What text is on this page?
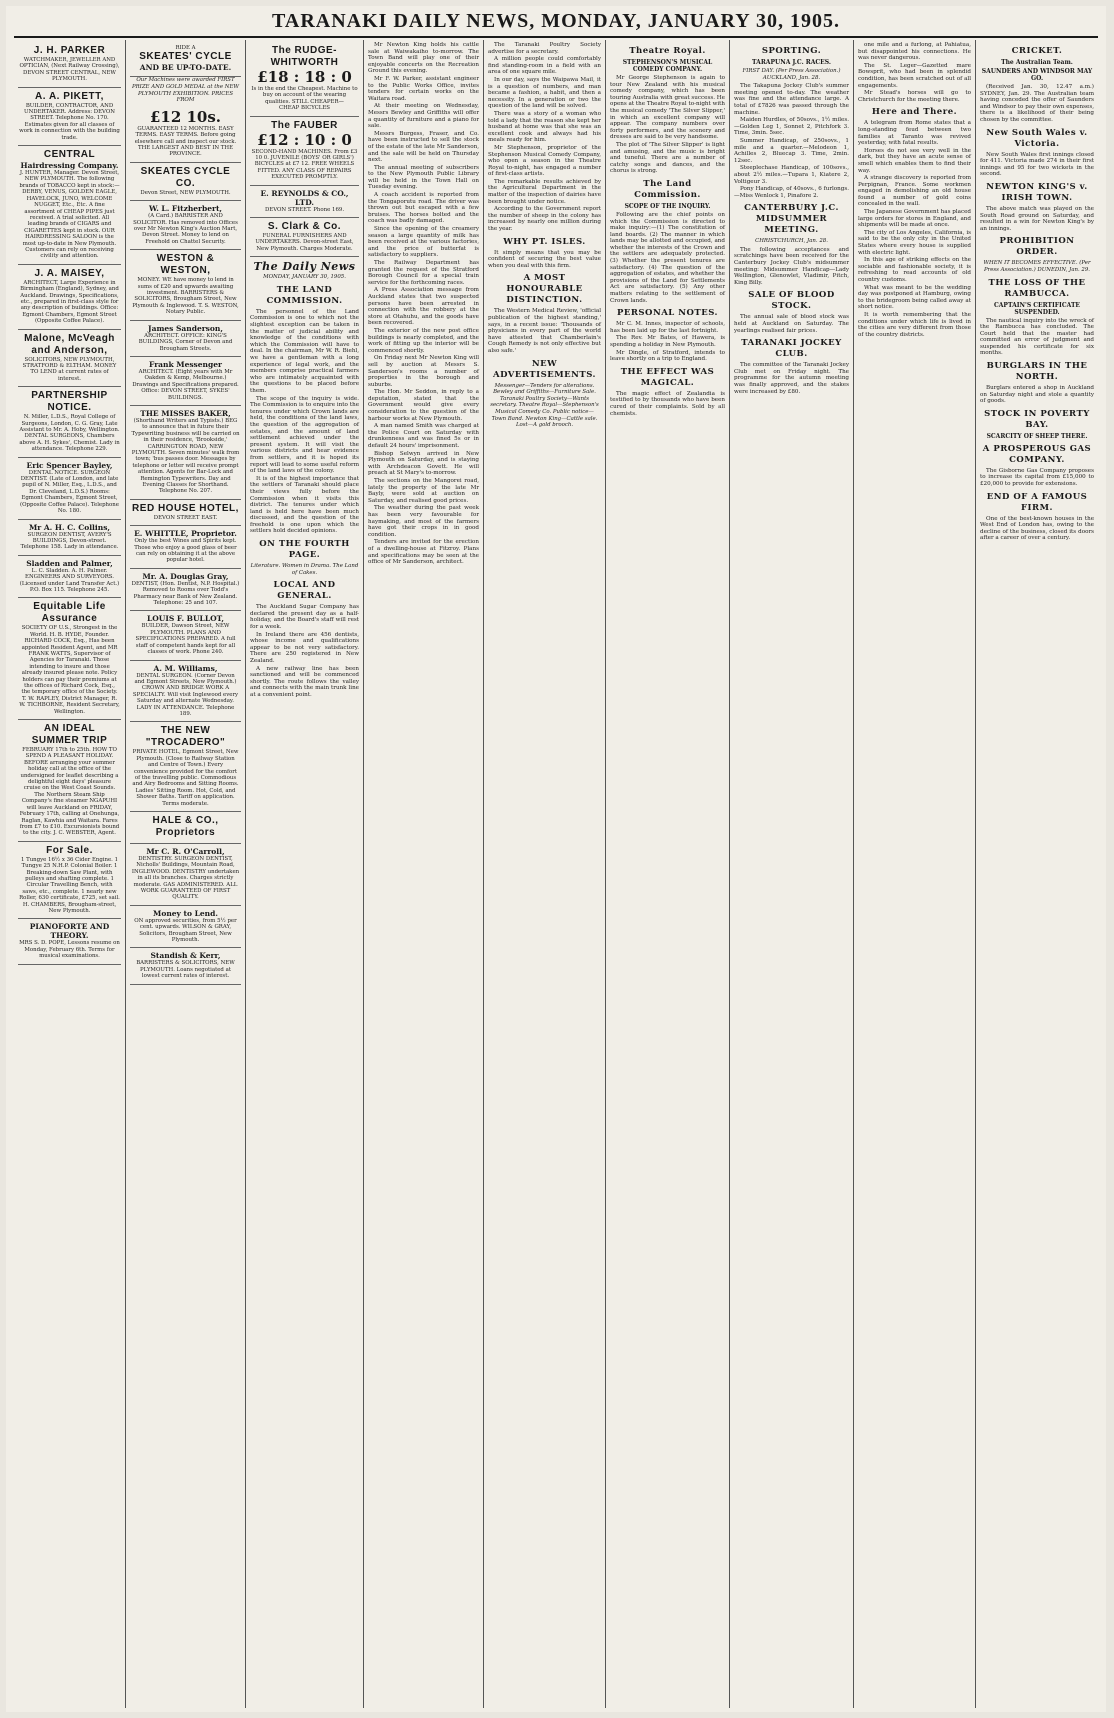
TARANAKI DAILY NEWS, MONDAY, JANUARY 30, 1905.
J. H. PARKER
WATCHMAKER, JEWELLER AND OPTICIAN, (Next Railway Crossing), DEVON STREET CENTRAL, NEW PLYMOUTH.
A. A. PIKETT,
BUILDER, CONTRACTOR, AND UNDERTAKER. Address: DEVON STREET. Telephone No. 170. Estimates given for all classes of work in connection with the building trade.
CENTRAL
Hairdressing Company.
J. HUNTER, Manager. Devon Street, NEW PLYMOUTH. The following brands of TOBACCO kept in stock:— DERBY, VENUS, GOLDEN EAGLE, HAVELOCK, JUNO, WELCOME NUGGET, Etc., Etc. A fine assortment of CHEAP PIPES just received. A trial solicited. All leading brands of CIGARS and CIGARETTES kept in stock. OUR HAIRDRESSING SALOON is the most up-to-date in New Plymouth. Customers can rely on receiving civility and attention.
J. A. MAISEY,
ARCHITECT, Large Experience in Birmingham (England), Sydney, and Auckland. Drawings, Specifications, etc., prepared in first-class style for any description of buildings. Office: Egmont Chambers, Egmont Street (Opposite Coffee Palace).
Malone, McVeagh and Anderson,
SOLICITORS, NEW PLYMOUTH, STRATFORD & ELTHAM. MONEY TO LEND at current rates of interest.
PARTNERSHIP NOTICE.
N. Miller, L.D.S., Royal College of Surgeons, London, C. G. Gray, Late Assistant to Mr. A. Hoby, Wellington. DENTAL SURGEONS, Chambers above A. H. Sykes', Chemist. Lady in attendance. Telephone 229.
Eric Spencer Bayley,
DENTAL NOTICE. SURGEON DENTIST. (Late of London, and late pupil of N. Miller, Esq., L.D.S., and Dr. Cleveland, L.D.S.) Rooms: Egmont Chambers, Egmont Street, (Opposite Coffee Palace). Telephone No. 180.
Mr A. H. C. Collins,
SURGEON DENTIST, AVERY'S BUILDINGS, Devon-street. Telephone 158. Lady in attendance.
Sladden and Palmer,
L. C. Sladden. A. H. Palmer. ENGINEERS AND SURVEYORS. (Licensed under Land Transfer Act.) P.O. Box 115. Telephone 245.
Equitable Life Assurance
SOCIETY OF U.S., Strongest in the World. H. B. HYDE, Founder. RICHARD COCK, Esq., Has been appointed Resident Agent, and MR FRANK WATTS, Supervisor of Agencies for Taranaki. Those intending to insure and those already insured please note. Policy holders can pay their premiums at the offices of Richard Cock, Esq., the temporary office of the Society. T. W. RAPLEY, District Manager, R. W. TICHBORNE, Resident Secretary, Wellington.
AN IDEAL SUMMER TRIP
FEBRUARY 17th to 25th. HOW TO SPEND A PLEASANT HOLIDAY. BEFORE arranging your summer holiday call at the office of the undersigned for leaflet describing a delightful eight days' pleasure cruise on the West Coast Sounds. The Northern Steam Ship Company's fine steamer NGAPUHI will leave Auckland on FRIDAY, February 17th, calling at Onehunga, Raglan, Kawhia and Waitara. Fares from £7 to £10. Excursionists bound to the city. J. C. WEBSTER, Agent.
For Sale.
1 Tungye 16½ x 36 Cider Engine. 1 Tungye 25 N.H.P. Colonial Boiler. 1 Breaking-down Saw Plant, with pulleys and shafting complete. 1 Circular Travelling Bench, with saws, etc., complete. 1 nearly new Roller, 630 certificate, £725, set sail. H. CHAMBERS, Brougham-street, New Plymouth.
PIANOFORTE AND THEORY.
MRS S. D. POPE, Lessons resume on Monday, February 6th. Terms for musical examinations.
RIDE A
SKEATES' CYCLE
AND BE UP-TO-DATE.
Our Machines were awarded FIRST PRIZE AND GOLD MEDAL at the NEW PLYMOUTH EXHIBITION. PRICES FROM
£12 10s.
GUARANTEED 12 MONTHS. EASY TERMS. EASY TERMS. Before going elsewhere call and inspect our stock. THE LARGEST AND BEST IN THE PROVINCE.
SKEATES CYCLE CO.
Devon Street, NEW PLYMOUTH.
W. L. Fitzherbert,
(A Card.) BARRISTER AND SOLICITOR. Has removed into Offices over Mr Newton King's Auction Mart, Devon Street. Money to lend on Freehold on Chattel Security.
WESTON & WESTON,
MONEY. WE have money to lend in sums of £20 and upwards awaiting investment. BARRISTERS & SOLICITORS, Brougham Street, New Plymouth & Inglewood. T. S. WESTON, Notary Public.
James Sanderson,
ARCHITECT. OFFICE: KING'S BUILDINGS, Corner of Devon and Brougham Streets.
Frank Messenger
ARCHITECT. (Eight years with Mr Oakden & Kemp, Melbourne.) Drawings and Specifications prepared. Office: DEVON STREET, SYKES' BUILDINGS.
THE MISSES BAKER,
(Shorthand Writers and Typists.) BEG to announce that in future their Typewriting business will be carried on in their residence, 'Brookside,' CARRINGTON ROAD, NEW PLYMOUTH. Seven minutes' walk from town; 'bus passes door. Messages by telephone or letter will receive prompt attention. Agents for Bar-Lock and Remington Typewriters. Day and Evening Classes for Shorthand. Telephone No. 207.
RED HOUSE HOTEL,
DEVON STREET EAST.
E. WHITTLE, Proprietor.
Only the best Wines and Spirits kept. Those who enjoy a good glass of beer can rely on obtaining it at the above popular hotel.
Mr. A. Douglas Gray,
DENTIST, (Hon. Dentist, N.P. Hospital.) Removed to Rooms over Todd's Pharmacy near Bank of New Zealand. Telephone: 25 and 107.
LOUIS F. BULLOT,
BUILDER, Dawson Street, NEW PLYMOUTH. PLANS AND SPECIFICATIONS PREPARED. A full staff of competent hands kept for all classes of work. Phone 240.
A. M. Williams,
DENTAL SURGEON. (Corner Devon and Egmont Streets, New Plymouth.) CROWN AND BRIDGE WORK A SPECIALTY. Will visit Inglewood every Saturday and alternate Wednesday. LADY IN ATTENDANCE. Telephone 189.
THE NEW "TROCADERO"
PRIVATE HOTEL, Egmont Street, New Plymouth. (Close to Railway Station and Centre of Town.) Every convenience provided for the comfort of the travelling public. Commodious and Airy Bedrooms and Sitting Rooms. Ladies' Sitting Room. Hot, Cold, and Shower Baths. Tariff on application. Terms moderate.
HALE & CO., Proprietors
Mr C. R. O'Carroll,
DENTISTRY. SURGEON DENTIST, Nicholls' Buildings, Mountain Road, INGLEWOOD. DENTISTRY undertaken in all its branches. Charges strictly moderate. GAS ADMINISTERED. ALL WORK GUARANTEED OF FIRST QUALITY.
Money to Lend.
ON approved securities, from 5½ per cent. upwards. WILSON & GRAY, Solicitors, Brougham Street, New Plymouth.
Standish & Kerr,
BARRISTERS & SOLICITORS, NEW PLYMOUTH. Loans negotiated at lowest current rates of interest.
The RUDGE-WHITWORTH
£18 : 18 : 0
Is in the end the Cheapest. Machine to buy on account of the wearing qualities. STILL CHEAPER—
CHEAP BICYCLES
The FAUBER
£12 : 10 : 0
SECOND-HAND MACHINES. From £3 10 0. JUVENILE (BOYS' OR GIRLS') BICYCLES at £7 12. FREE WHEELS FITTED. ANY CLASS OF REPAIRS EXECUTED PROMPTLY.
E. REYNOLDS & CO., LTD.
DEVON STREET. Phone 169.
S. Clark & Co.
FUNERAL FURNISHERS AND UNDERTAKERS. Devon-street East, New Plymouth. Charges Moderate.
The Daily News
MONDAY, JANUARY 30, 1905.
THE LAND COMMISSION.

The personnel of the Land Commission is one to which not the slightest exception can be taken in the matter of judicial ability and knowledge of the conditions with which the Commission will have to deal. In the chairman, Mr W. R. Biehl, we have a gentleman with a long experience of legal work, and the members comprise practical farmers who are intimately acquainted with the questions to be placed before them.

The scope of the inquiry is wide. The Commission is to enquire into the tenures under which Crown lands are held, the conditions of the land laws, the question of the aggregation of estates, and the amount of land settlement achieved under the present system. It will visit the various districts and hear evidence from settlers, and it is hoped its report will lead to some useful reform of the land laws of the colony.

It is of the highest importance that the settlers of Taranaki should place their views fully before the Commission when it visits this district. The tenures under which land is held here have been much discussed, and the question of the freehold is one upon which the settlers hold decided opinions.

ON THE FOURTH PAGE.
Literature. Women in Drama. The Land of Cakes.
LOCAL AND GENERAL.

The Auckland Sugar Company has declared the present day as a half-holiday, and the Board's staff will rest for a week.

In Ireland there are 456 dentists, whose income and qualifications appear to be not very satisfactory. There are 250 registered in New Zealand.

A new railway line has been sanctioned and will be commenced shortly. The route follows the valley and connects with the main trunk line at a convenient point.

Mr Newton King holds his cattle sale at Waiwakaiho to-morrow. The Town Band will play one of their enjoyable concerts on the Recreation Ground this evening.

Mr F. W. Parker, assistant engineer to the Public Works Office, invites tenders for certain works on the Waitara road.

At their meeting on Wednesday, Messrs Bewley and Griffiths will offer a quantity of furniture and a piano for sale.

Messrs Burgess, Fraser, and Co. have been instructed to sell the stock of the estate of the late Mr Sanderson, and the sale will be held on Thursday next.

The annual meeting of subscribers to the New Plymouth Public Library will be held in the Town Hall on Tuesday evening.

A coach accident is reported from the Tongaporutu road. The driver was thrown out but escaped with a few bruises. The horses bolted and the coach was badly damaged.

Since the opening of the creamery season a large quantity of milk has been received at the various factories, and the price of butterfat is satisfactory to suppliers.

The Railway Department has granted the request of the Stratford Borough Council for a special train service for the forthcoming races.

A Press Association message from Auckland states that two suspected persons have been arrested in connection with the robbery at the store at Otahuhu, and the goods have been recovered.

The exterior of the new post office buildings is nearly completed, and the work of fitting up the interior will be commenced shortly.

On Friday next Mr Newton King will sell by auction at Messrs S. Sanderson's rooms a number of properties in the borough and suburbs.

The Hon. Mr Seddon, in reply to a deputation, stated that the Government would give every consideration to the question of the harbour works at New Plymouth.

A man named Smith was charged at the Police Court on Saturday with drunkenness and was fined 5s or in default 24 hours' imprisonment.

Bishop Selwyn arrived in New Plymouth on Saturday, and is staying with Archdeacon Govett. He will preach at St Mary's to-morrow.

The sections on the Mangorei road, lately the property of the late Mr Bayly, were sold at auction on Saturday, and realised good prices.

The weather during the past week has been very favourable for haymaking, and most of the farmers have got their crops in in good condition.

Tenders are invited for the erection of a dwelling-house at Fitzroy. Plans and specifications may be seen at the office of Mr Sanderson, architect.

The Taranaki Poultry Society advertise for a secretary.

A million people could comfortably find standing-room in a field with an area of one square mile.

In our day, says the Waipawa Mail, it is a question of numbers, and man became a fashion, a habit, and then a necessity. In a generation or two the question of the land will be solved.

There was a story of a woman who told a lady that the reason she kept her husband at home was that she was an excellent cook and always had his meals ready for him.

Mr Stephenson, proprietor of the Stephenson Musical Comedy Company, who open a season in the Theatre Royal to-night, has engaged a number of first-class artists.

The remarkable results achieved by the Agricultural Department in the matter of the inspection of dairies have been brought under notice.

According to the Government report the number of sheep in the colony has increased by nearly one million during the year.

WHY PT. ISLES.

It simply means that you may be confident of securing the best value when you deal with this firm.

A MOST HONOURABLE DISTINCTION.

The Western Medical Review, 'official publication of the highest standing,' says, in a recent issue: 'Thousands of physicians in every part of the world have attested that Chamberlain's Cough Remedy is not only effective but also safe.'

NEW ADVERTISEMENTS.
Messenger—Tenders for alterations. Bewley and Griffiths—Furniture Sale. Taranaki Poultry Society—Wants secretary. Theatre Royal—Stephenson's Musical Comedy Co. Public notice—Town Band. Newton King—Cattle sale. Lost—A gold brooch.
Theatre Royal.
STEPHENSON'S MUSICAL COMEDY COMPANY.

Mr George Stephenson is again to tour New Zealand with his musical comedy company, which has been touring Australia with great success. He opens at the Theatre Royal to-night with the musical comedy 'The Silver Slipper,' in which an excellent company will appear. The company numbers over forty performers, and the scenery and dresses are said to be very handsome.

The plot of 'The Silver Slipper' is light and amusing, and the music is bright and tuneful. There are a number of catchy songs and dances, and the chorus is strong.

The Land Commission.
SCOPE OF THE INQUIRY.

Following are the chief points on which the Commission is directed to make inquiry:—(1) The constitution of land boards. (2) The manner in which lands may be allotted and occupied, and whether the interests of the Crown and the settlers are adequately protected. (3) Whether the present tenures are satisfactory. (4) The question of the aggregation of estates, and whether the provisions of the Land for Settlements Act are satisfactory. (5) Any other matters relating to the settlement of Crown lands.

PERSONAL NOTES.

Mr C. M. Innes, inspector of schools, has been laid up for the last fortnight.

The Rev. Mr Bates, of Hawera, is spending a holiday in New Plymouth.

Mr Dingle, of Stratford, intends to leave shortly on a trip to England.

THE EFFECT WAS MAGICAL.

The magic effect of Zealandia is testified to by thousands who have been cured of their complaints. Sold by all chemists.

SPORTING.
TARAPUNA J.C. RACES.
FIRST DAY. (Per Press Association.) AUCKLAND, Jan. 28.

The Takapuna Jockey Club's summer meeting opened to-day. The weather was fine and the attendance large. A total of £7826 was passed through the machine.

Maiden Hurdles, of 50sovs., 1½ miles.—Golden Leg 1, Sonnet 2, Pitchfork 3. Time, 3min. 5sec.

Summer Handicap, of 250sovs., 1 mile and a quarter.—Melodeon 1, Achilles 2, Bluecap 3. Time, 2min. 12sec.

Steeplechase Handicap, of 100sovs., about 2½ miles.—Tupara 1, Kiatere 2, Voltigeur 3.

Pony Handicap, of 40sovs., 6 furlongs.—Miss Wenlock 1, Pinafore 2.

CANTERBURY J.C. MIDSUMMER MEETING.
CHRISTCHURCH, Jan. 28.

The following acceptances and scratchings have been received for the Canterbury Jockey Club's midsummer meeting: Midsummer Handicap—Lady Wellington, Glenowlet, Vladimir, Pitch, King Billy.

SALE OF BLOOD STOCK.

The annual sale of blood stock was held at Auckland on Saturday. The yearlings realised fair prices.

TARANAKI JOCKEY CLUB.

The committee of the Taranaki Jockey Club met on Friday night. The programme for the autumn meeting was finally approved, and the stakes were increased by £80.

one mile and a furlong, at Pahiatua, but disappointed his connections. He was never dangerous.

The St. Leger—Gazetted mare Bowsprit, who had been in splendid condition, has been scratched out of all engagements.

Mr Stead's horses will go to Christchurch for the meeting there.

Here and There.

A telegram from Rome states that a long-standing feud between two families at Taranto was revived yesterday, with fatal results.

Horses do not see very well in the dark, but they have an acute sense of smell which enables them to find their way.

A strange discovery is reported from Perpignan, France. Some workmen engaged in demolishing an old house found a number of gold coins concealed in the wall.

The Japanese Government has placed large orders for stores in England, and shipments will be made at once.

The city of Los Angeles, California, is said to be the only city in the United States where every house is supplied with electric light.

In this age of striking effects on the sociable and fashionable society, it is refreshing to read accounts of old country customs.

What was meant to be the wedding day was postponed at Hamburg, owing to the bridegroom being called away at short notice.

It is worth remembering that the conditions under which life is lived in the cities are very different from those of the country districts.

CRICKET.
The Australian Team.
SAUNDERS AND WINDSOR MAY GO.

(Received Jan. 30, 12.47 a.m.) SYDNEY, Jan. 29. The Australian team having conceded the offer of Saunders and Windsor to pay their own expenses, there is a likelihood of their being chosen by the committee.

New South Wales v. Victoria.

New South Wales first innings closed for 411. Victoria made 274 in their first innings and 95 for two wickets in the second.

NEWTON KING'S v. IRISH TOWN.

The above match was played on the South Road ground on Saturday, and resulted in a win for Newton King's by an innings.

PROHIBITION ORDER.
WHEN IT BECOMES EFFECTIVE. (Per Press Association.) DUNEDIN, Jan. 29.
THE LOSS OF THE RAMBUCCA.
CAPTAIN'S CERTIFICATE SUSPENDED.

The nautical inquiry into the wreck of the Rambucca has concluded. The Court held that the master had committed an error of judgment and suspended his certificate for six months.

BURGLARS IN THE NORTH.

Burglars entered a shop in Auckland on Saturday night and stole a quantity of goods.

STOCK IN POVERTY BAY.
SCARCITY OF SHEEP THERE.
A PROSPEROUS GAS COMPANY.

The Gisborne Gas Company proposes to increase its capital from £15,000 to £20,000 to provide for extensions.

END OF A FAMOUS FIRM.

One of the best-known houses in the West End of London has, owing to the decline of the business, closed its doors after a career of over a century.
